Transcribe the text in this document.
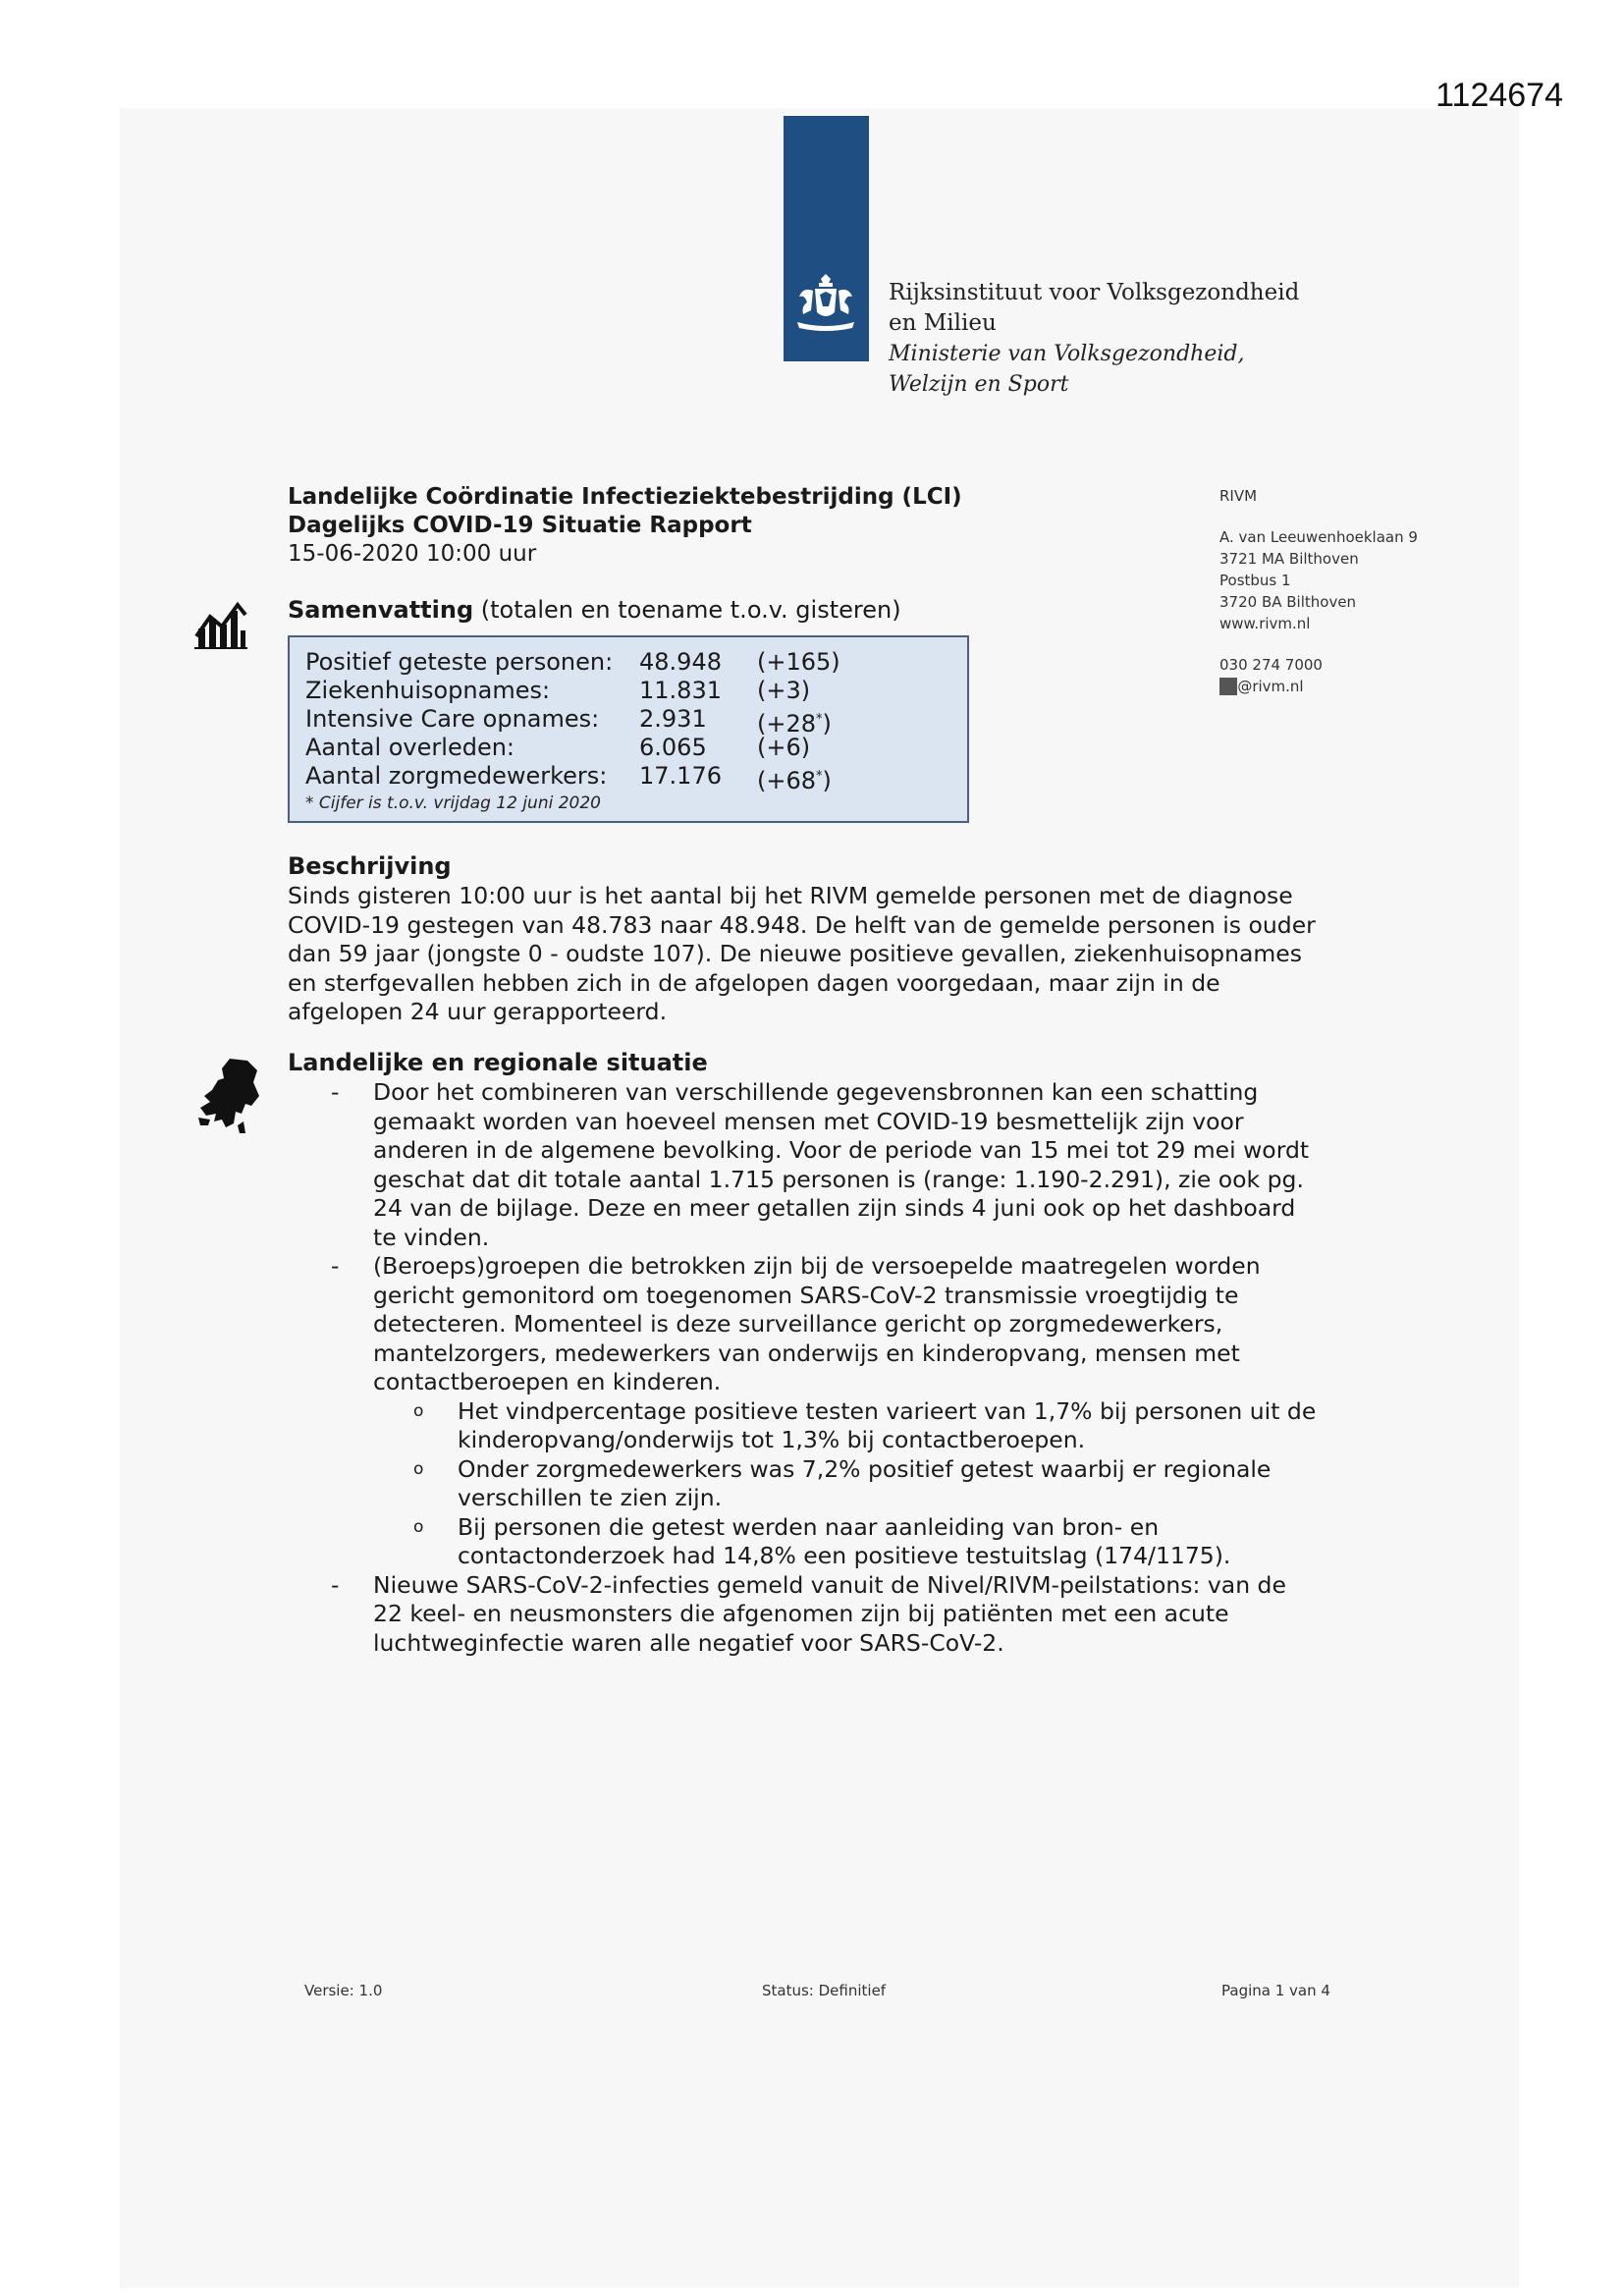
1124674
Rijksinstituut voor Volksgezondheid
en Milieu
Ministerie van Volksgezondheid,
Welzijn en Sport
Landelijke Coördinatie Infectieziektebestrijding (LCI)
Dagelijks COVID-19 Situatie Rapport
15-06-2020 10:00 uur
RIVM
A. van Leeuwenhoeklaan 9
3721 MA Bilthoven
Postbus 1
3720 BA Bilthoven
www.rivm.nl
030 274 7000
1. @rivm.nl
Samenvatting (totalen en toename t.o.v. gisteren)
Positief geteste personen: 48.948 (+165)
Ziekenhuisopnames:	11.831 (+3)
Intensive Care opnames: 2.931 (+28*)
Aantal overleden:	6.065 (+6)
Aantal zorgmedewerkers: 17.176 (+68*)
* Cijfer is t.o.v. vrijdag 12 juni 2020
Beschrijving
Sinds gisteren 10:00 uur is het aantal bij het RIVM gemelde personen met de diagnose
COVID-19 gestegen van 48.783 naar 48.948. De helft van de gemelde personen is ouder
dan 59 jaar (jongste 0 - oudste 107). De nieuwe positieve gevallen, ziekenhuisopnames
en sterfgevallen hebben zich in de afgelopen dagen voorgedaan, maar zijn in de
afgelopen 24 uur gerapporteerd.
Landelijke en regionale situatie
- Door het combineren van verschillende gegevensbronnen kan een schatting
gemaakt worden van hoeveel mensen met COVID-19 besmettelijk zijn voor
anderen in de algemene bevolking. Voor de periode van 15 mei tot 29 mei wordt
geschat dat dit totale aantal 1.715 personen is (range: 1.190-2.291), zie ook pg.
24 van de bijlage. Deze en meer getallen zijn sinds 4 juni ook op het dashboard
te vinden.
- (Beroeps)groepen die betrokken zijn bij de versoepelde maatregelen worden
gericht gemonitord om toegenomen SARS-CoV-2 transmissie vroegtijdig te
detecteren. Momenteel is deze surveillance gericht op zorgmedewerkers,
mantelzorgers, medewerkers van onderwijs en kinderopvang, mensen met
contactberoepen en kinderen.
o Het vindpercentage positieve testen varieert van 1,7% bij personen uit de
kinderopvang/onderwijs tot 1,3% bij contactberoepen.
o Onder zorgmedewerkers was 7,2% positief getest waarbij er regionale
verschillen te zien zijn.
o Bij personen die getest werden naar aanleiding van bron- en
contactonderzoek had 14,8% een positieve testuitslag (174/1175).
- Nieuwe SARS-CoV-2-infecties gemeld vanuit de Nivel/RIVM-peilstations: van de
22 keel- en neusmonsters die afgenomen zijn bij patiënten met een acute
luchtweginfectie waren alle negatief voor SARS-CoV-2.
Versie: 1.0	Status: Definitief	Pagina 1 van 4
